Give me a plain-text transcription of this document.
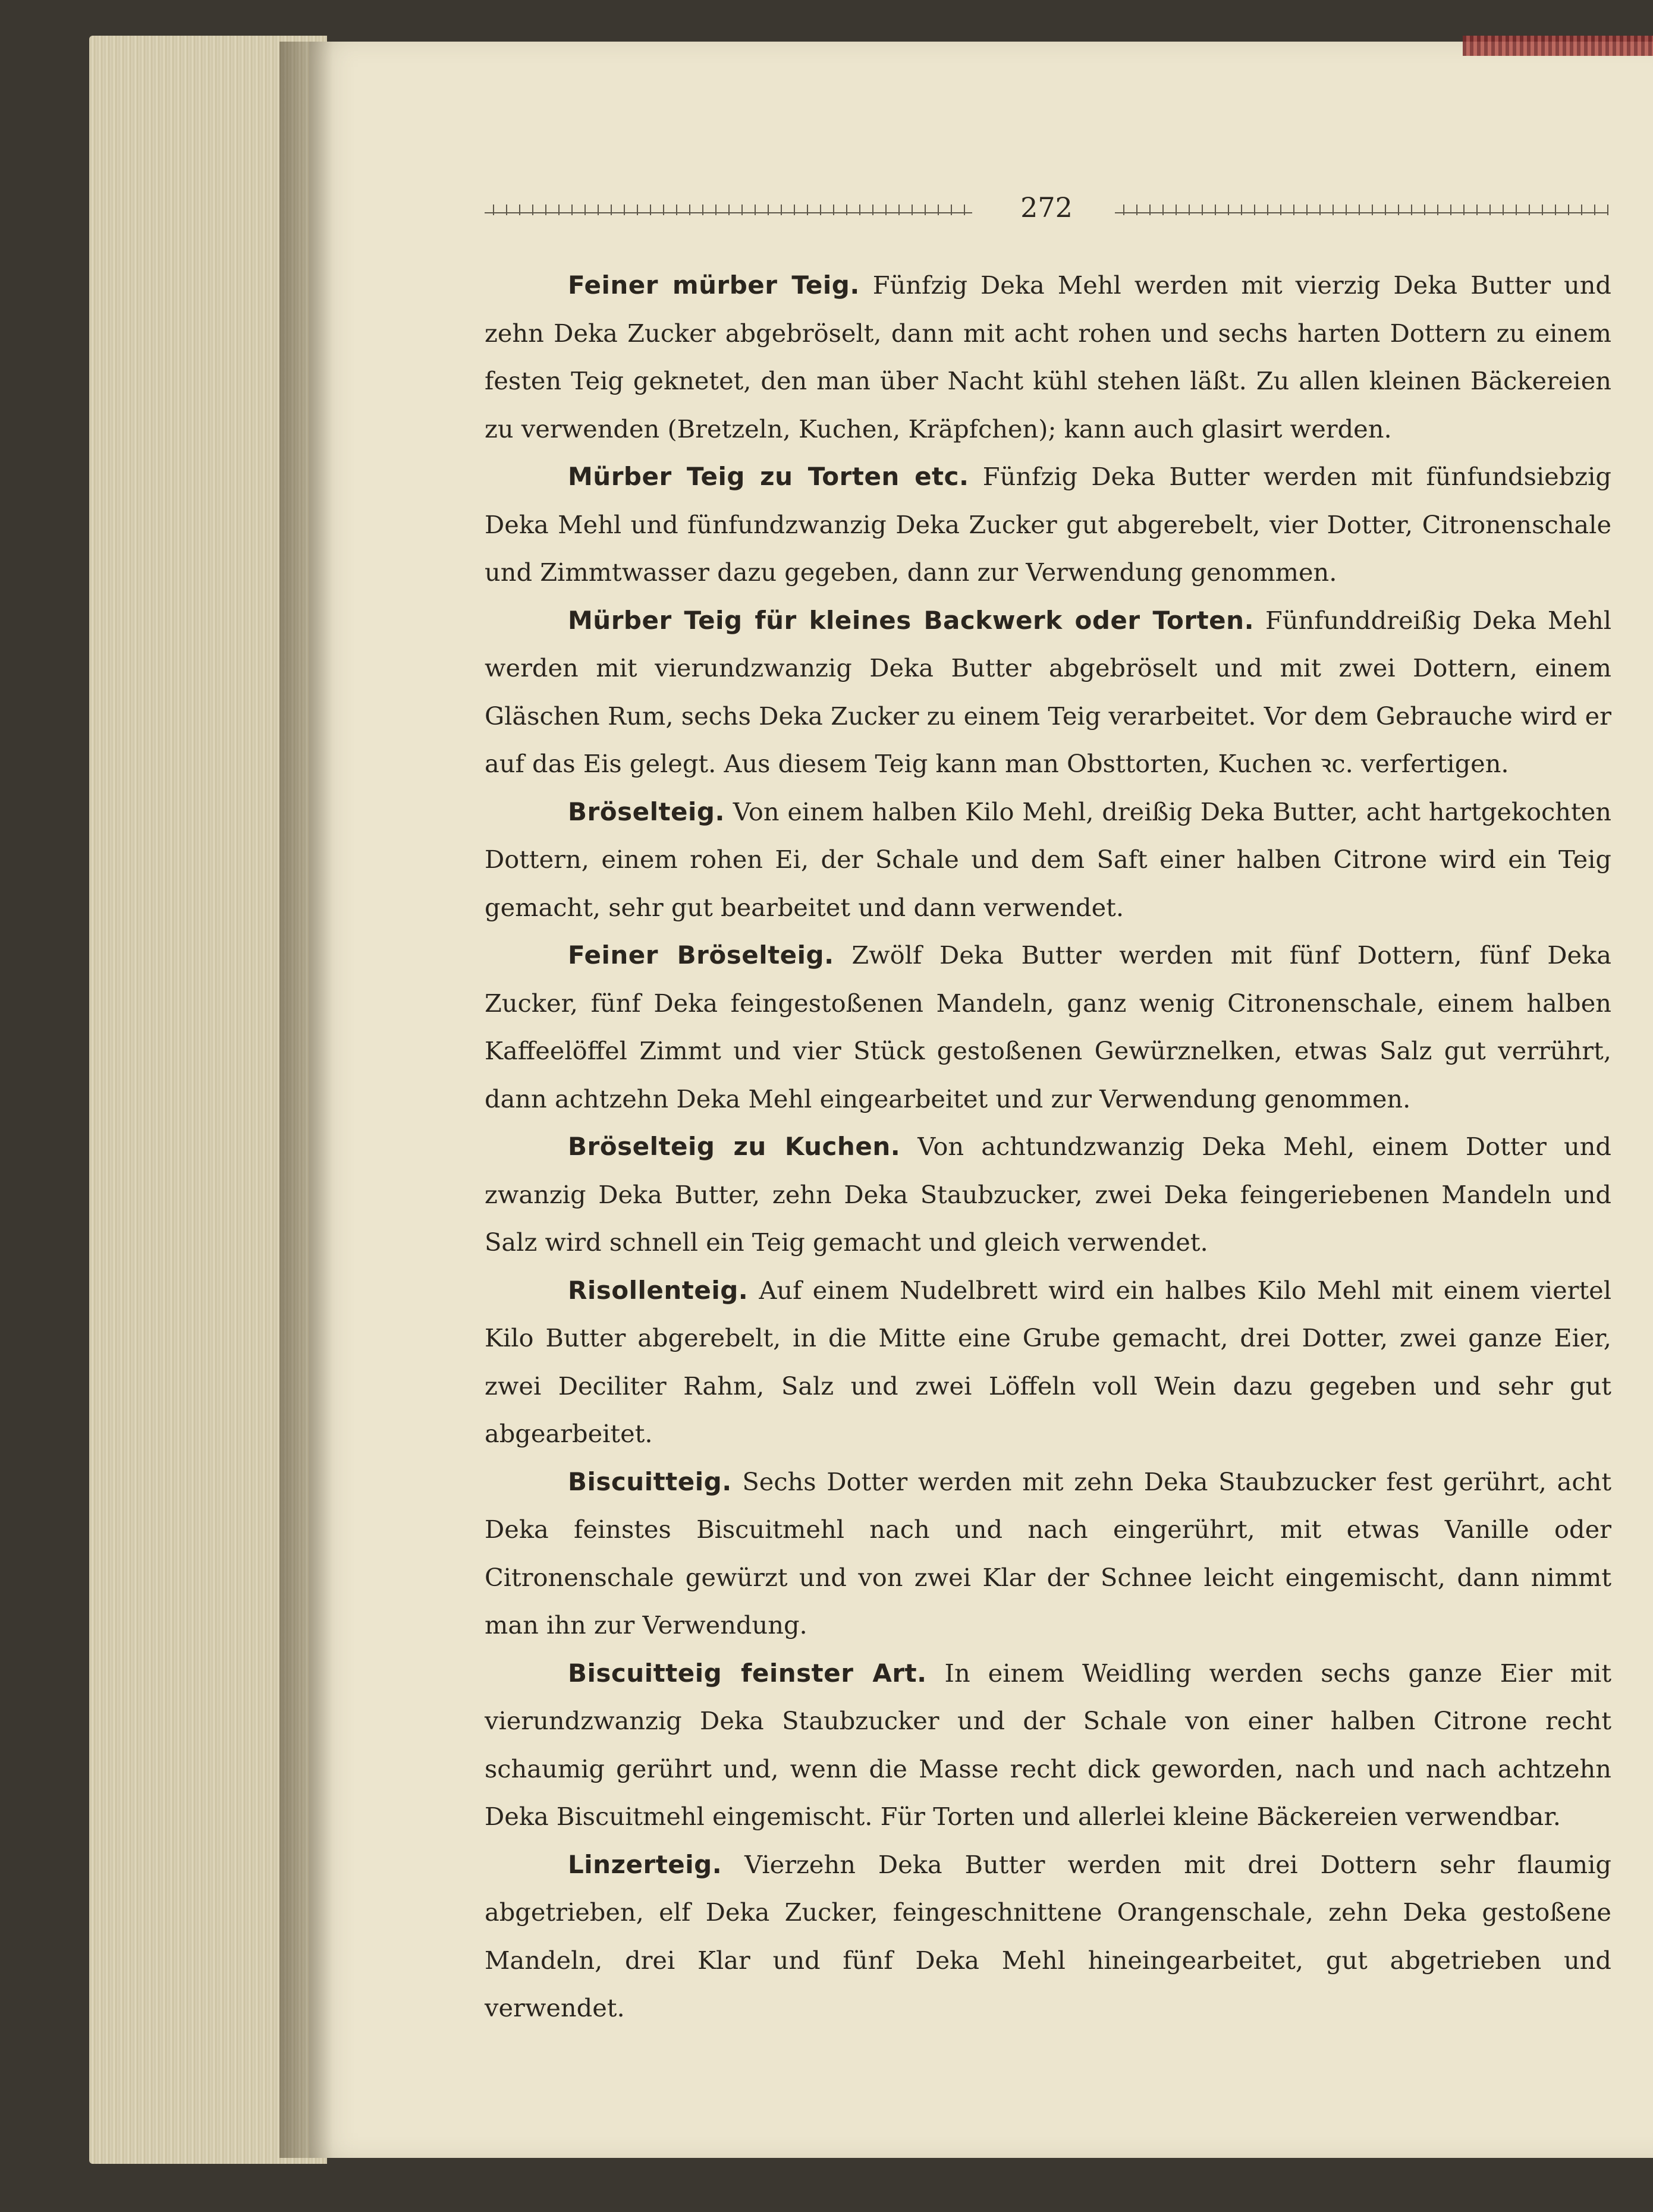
272

Feiner mürber Teig. Fünfzig Deka Mehl werden mit vierzig Deka Butter und zehn Deka Zucker abgebröselt, dann mit acht rohen und sechs harten Dottern zu einem festen Teig geknetet, den man über Nacht kühl stehen läßt. Zu allen kleinen Bäckereien zu verwenden (Bretzeln, Kuchen, Kräpfchen); kann auch glasirt werden.

Mürber Teig zu Torten etc. Fünfzig Deka Butter werden mit fünfundsiebzig Deka Mehl und fünfundzwanzig Deka Zucker gut abgerebelt, vier Dotter, Citronenschale und Zimmtwasser dazu gegeben, dann zur Verwendung genommen.

Mürber Teig für kleines Backwerk oder Torten. Fünfunddreißig Deka Mehl werden mit vierundzwanzig Deka Butter abgebröselt und mit zwei Dottern, einem Gläschen Rum, sechs Deka Zucker zu einem Teig verarbeitet. Vor dem Gebrauche wird er auf das Eis gelegt. Aus diesem Teig kann man Obsttorten, Kuchen ꝛc. verfertigen.

Bröselteig. Von einem halben Kilo Mehl, dreißig Deka Butter, acht hartgekochten Dottern, einem rohen Ei, der Schale und dem Saft einer halben Citrone wird ein Teig gemacht, sehr gut bearbeitet und dann verwendet.

Feiner Bröselteig. Zwölf Deka Butter werden mit fünf Dottern, fünf Deka Zucker, fünf Deka feingestoßenen Mandeln, ganz wenig Citronenschale, einem halben Kaffeelöffel Zimmt und vier Stück gestoßenen Gewürznelken, etwas Salz gut verrührt, dann achtzehn Deka Mehl eingearbeitet und zur Verwendung genommen.

Bröselteig zu Kuchen. Von achtundzwanzig Deka Mehl, einem Dotter und zwanzig Deka Butter, zehn Deka Staubzucker, zwei Deka feingeriebenen Mandeln und Salz wird schnell ein Teig gemacht und gleich verwendet.

Risollenteig. Auf einem Nudelbrett wird ein halbes Kilo Mehl mit einem viertel Kilo Butter abgerebelt, in die Mitte eine Grube gemacht, drei Dotter, zwei ganze Eier, zwei Deciliter Rahm, Salz und zwei Löffeln voll Wein dazu gegeben und sehr gut abgearbeitet.

Biscuitteig. Sechs Dotter werden mit zehn Deka Staubzucker fest gerührt, acht Deka feinstes Biscuitmehl nach und nach eingerührt, mit etwas Vanille oder Citronenschale gewürzt und von zwei Klar der Schnee leicht eingemischt, dann nimmt man ihn zur Verwendung.

Biscuitteig feinster Art. In einem Weidling werden sechs ganze Eier mit vierundzwanzig Deka Staubzucker und der Schale von einer halben Citrone recht schaumig gerührt und, wenn die Masse recht dick geworden, nach und nach achtzehn Deka Biscuitmehl eingemischt. Für Torten und allerlei kleine Bäckereien verwendbar.

Linzerteig. Vierzehn Deka Butter werden mit drei Dottern sehr flaumig abgetrieben, elf Deka Zucker, feingeschnittene Orangenschale, zehn Deka gestoßene Mandeln, drei Klar und fünf Deka Mehl hineingearbeitet, gut abgetrieben und verwendet.
